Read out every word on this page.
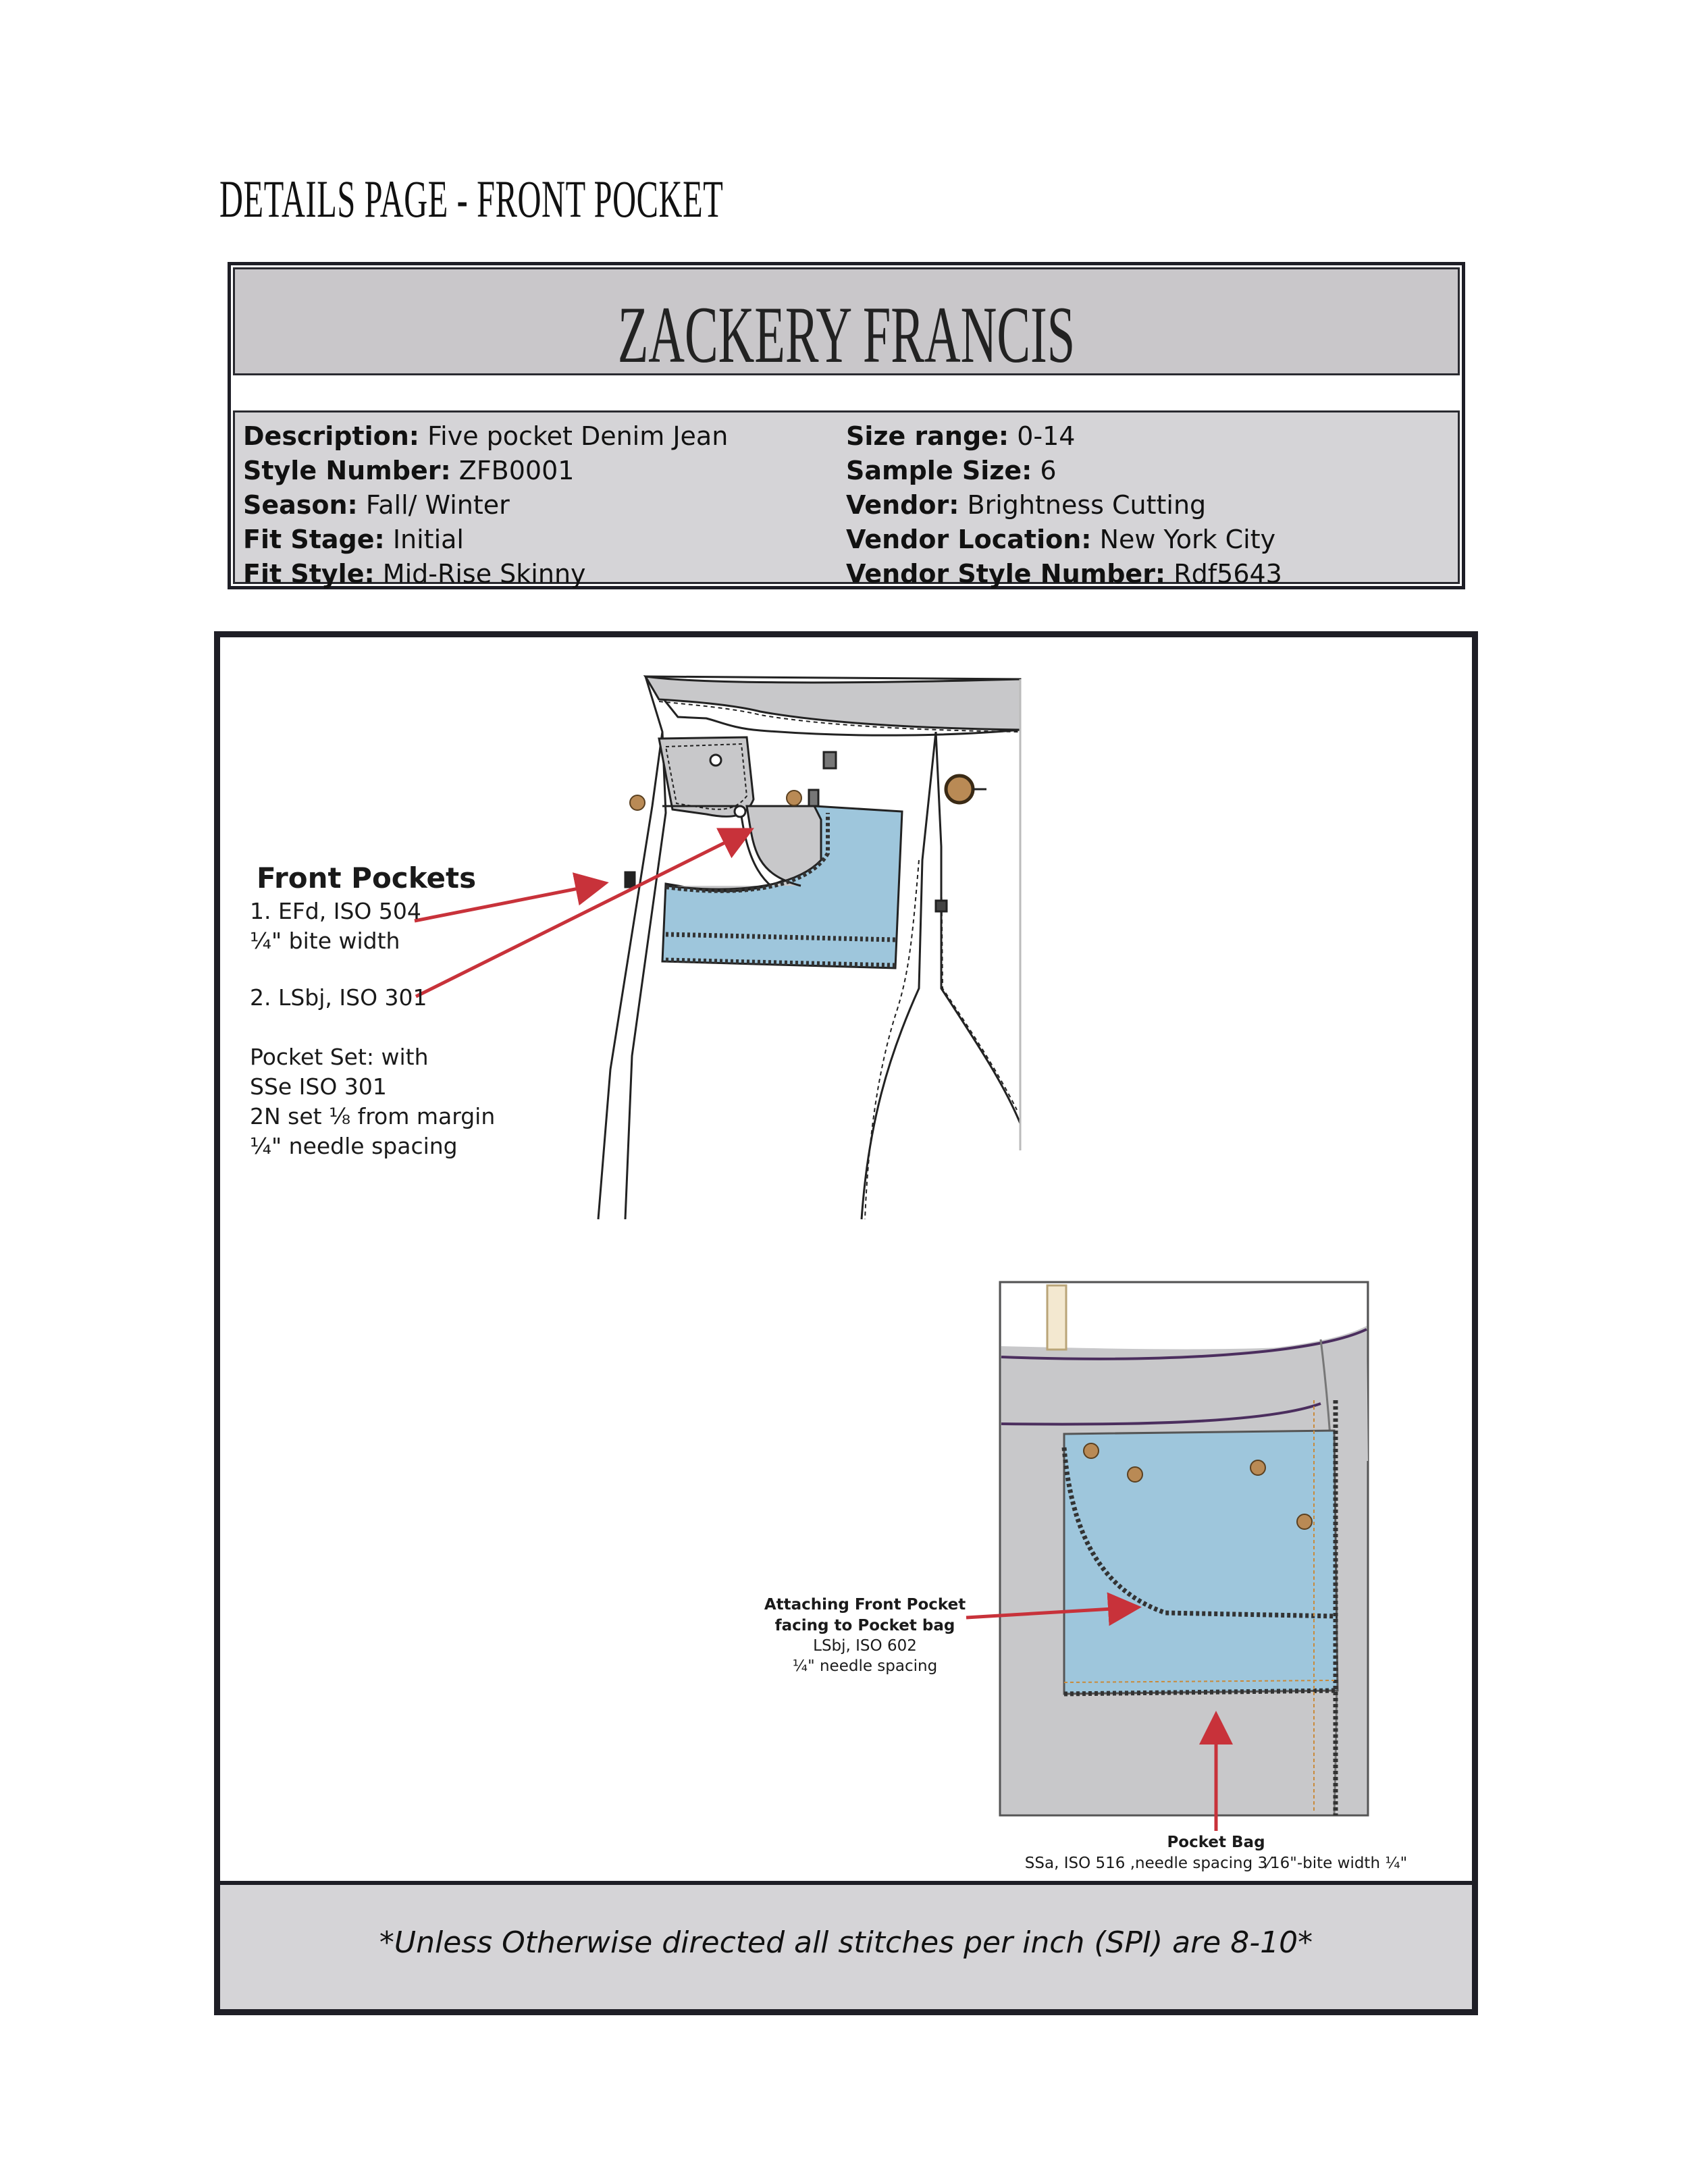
DETAILS PAGE - FRONT POCKET
ZACKERY FRANCIS
Description: Five pocket Denim Jean
Style Number: ZFB0001
Season: Fall/ Winter
Fit Stage: Initial
Fit Style: Mid-Rise Skinny
Size range: 0-14
Sample Size: 6
Vendor: Brightness Cutting
Vendor Location: New York City
Vendor Style Number: Rdf5643
Front Pockets
1. EFd, ISO 504
¼" bite width
2. LSbj, ISO 301
Pocket Set: with
SSe ISO 301
2N set ⅛ from margin
¼" needle spacing
Attaching Front Pocket
facing to Pocket bag
LSbj, ISO 602
¼" needle spacing
Pocket Bag
SSa, ISO 516 ,needle spacing 3⁄16"-bite width ¼"
*Unless Otherwise directed all stitches per inch (SPI) are 8-10*
